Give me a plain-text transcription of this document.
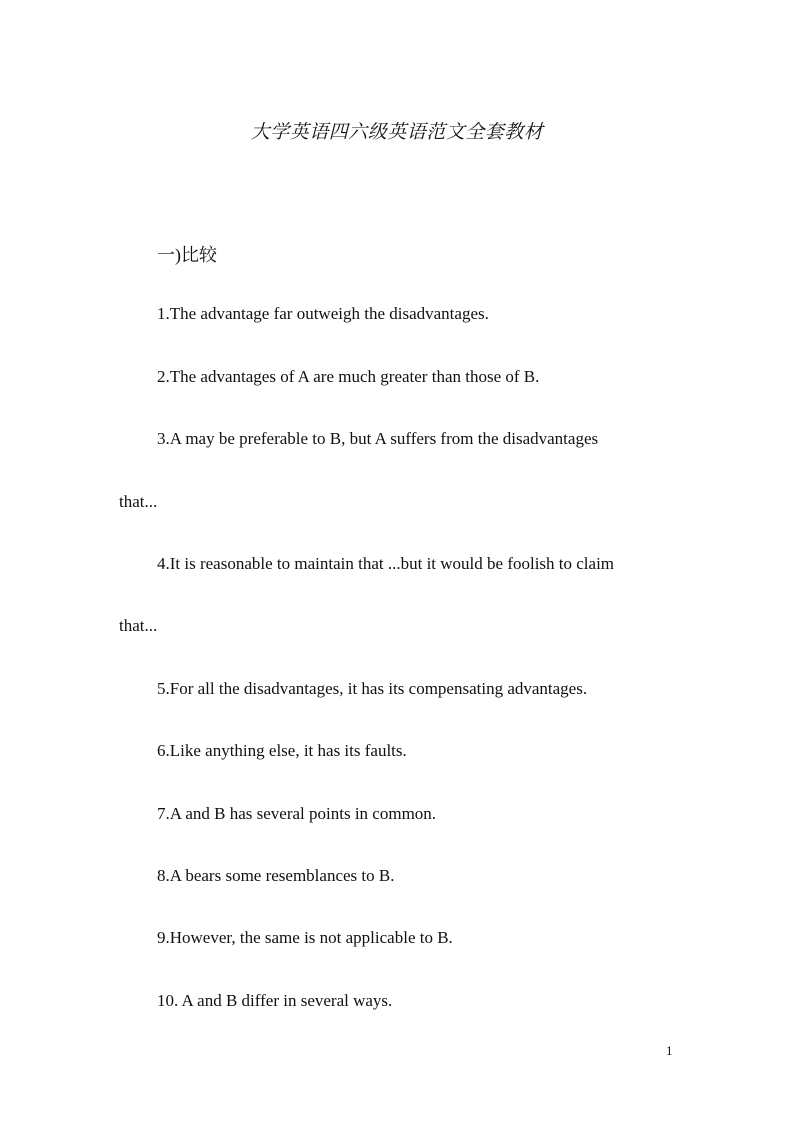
大学英语四六级英语范文全套教材
一)比较
1.The advantage far outweigh the disadvantages.
2.The advantages of A are much greater than those of B.
3.A may be preferable to B, but A suffers from the disadvantages
that...
4.It is reasonable to maintain that ...but it would be foolish to claim
that...
5.For all the disadvantages, it has its compensating advantages.
6.Like anything else, it has its faults.
7.A and B has several points in common.
8.A bears some resemblances to B.
9.However, the same is not applicable to B.
10. A and B differ in several ways.
1
